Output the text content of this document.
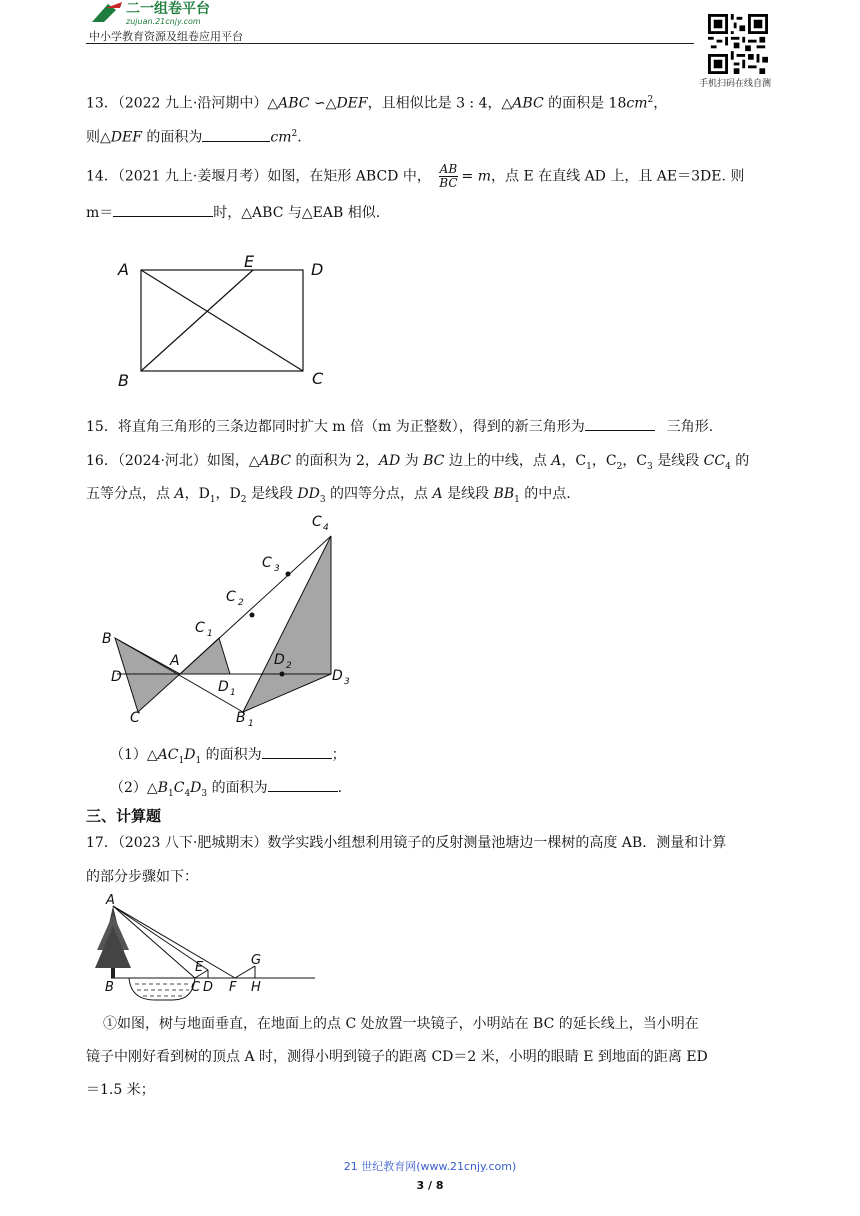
二一组卷平台
zujuan.21cnjy.com
中小学教育资源及组卷应用平台
手机扫码在线自测
13．（2022 九上·沿河期中）△ABC ∽△DEF，且相似比是 3 : 4，△ABC 的面积是 $18cm^2$，
则△DEF 的面积为	$cm^2$.
14．（2021 九上·姜堰月考）如图，在矩形 ABCD 中， $\frac{AB}{BC} = m$，点 E 在直线 AD 上，且 AE＝3DE. 则
m＝	时，△ABC 与△EAB 相似.
A	E	D
B	C
15．将直角三角形的三条边都同时扩大 m 倍（m 为正整数），得到的新三角形为	三角形.
16．（2024·河北）如图，△ABC 的面积为 2，AD 为 BC 边上的中线，点 A，$C_1$，$C_2$，$C_3$ 是线段 $CC_4$ 的
五等分点，点 A，$D_1$，$D_2$ 是线段 $DD_3$ 的四等分点，点 A 是线段 $BB_1$ 的中点.
C 4
C 3
C 2
C 1
B
A
D
D 2
D 1
D 3
C	B 1
$(1)\triangle AC_1D_1$ 的面积为	；
$(2)\triangle B_1C_4D_3$ 的面积为	.
三、计算题
17．（2023 八下·肥城期末）数学实践小组想利用镜子的反射测量池塘边一棵树的高度 AB．测量和计算
的部分步骤如下：
A
B	C D
E
F
G
H
①如图，树与地面垂直，在地面上的点 C 处放置一块镜子，小明站在 BC 的延长线上，当小明在
镜子中刚好看到树的顶点 A 时，测得小明到镜子的距离 CD＝2 米，小明的眼睛 E 到地面的距离 ED
＝1.5 米；
21 世纪教育网(www.21cnjy.com)
3 / 8
